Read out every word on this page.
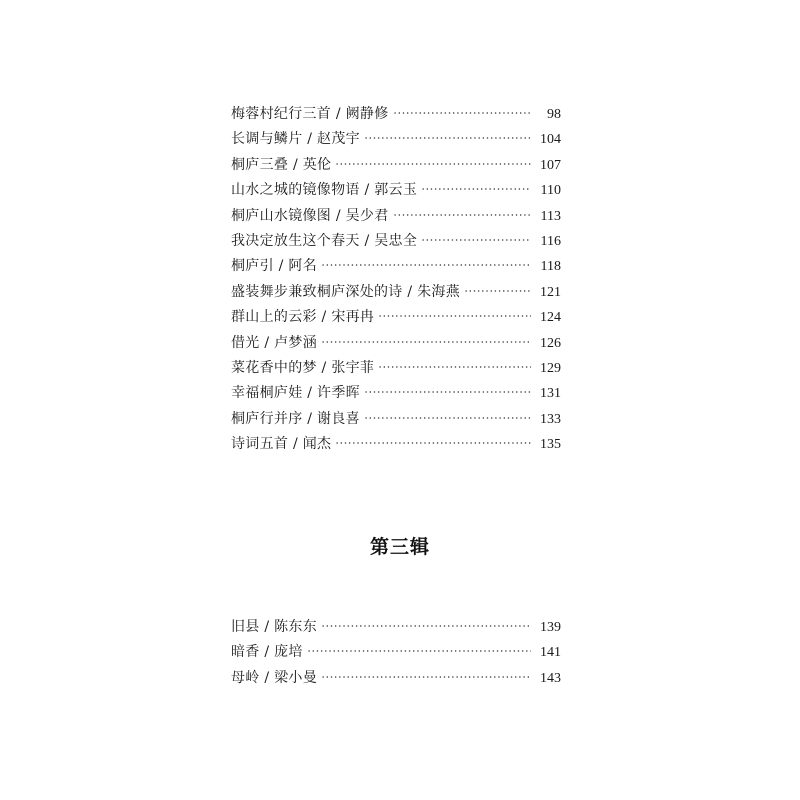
梅蓉村纪行三首 / 阙静修	98
长调与鳞片 / 赵茂宇	104
桐庐三叠 / 英伦	107
山水之城的镜像物语 / 郭云玉	110
桐庐山水镜像图 / 吴少君	113
我决定放生这个春天 / 吴忠全	116
桐庐引 / 阿名	118
盛装舞步兼致桐庐深处的诗 / 朱海燕	121
群山上的云彩 / 宋再冉	124
借光 / 卢梦涵	126
菜花香中的梦 / 张宇菲	129
幸福桐庐娃 / 许季晖	131
桐庐行并序 / 谢良喜	133
诗词五首 / 闻杰	135
第三辑
旧县 / 陈东东	139
暗香 / 庞培	141
母岭 / 梁小曼	143
